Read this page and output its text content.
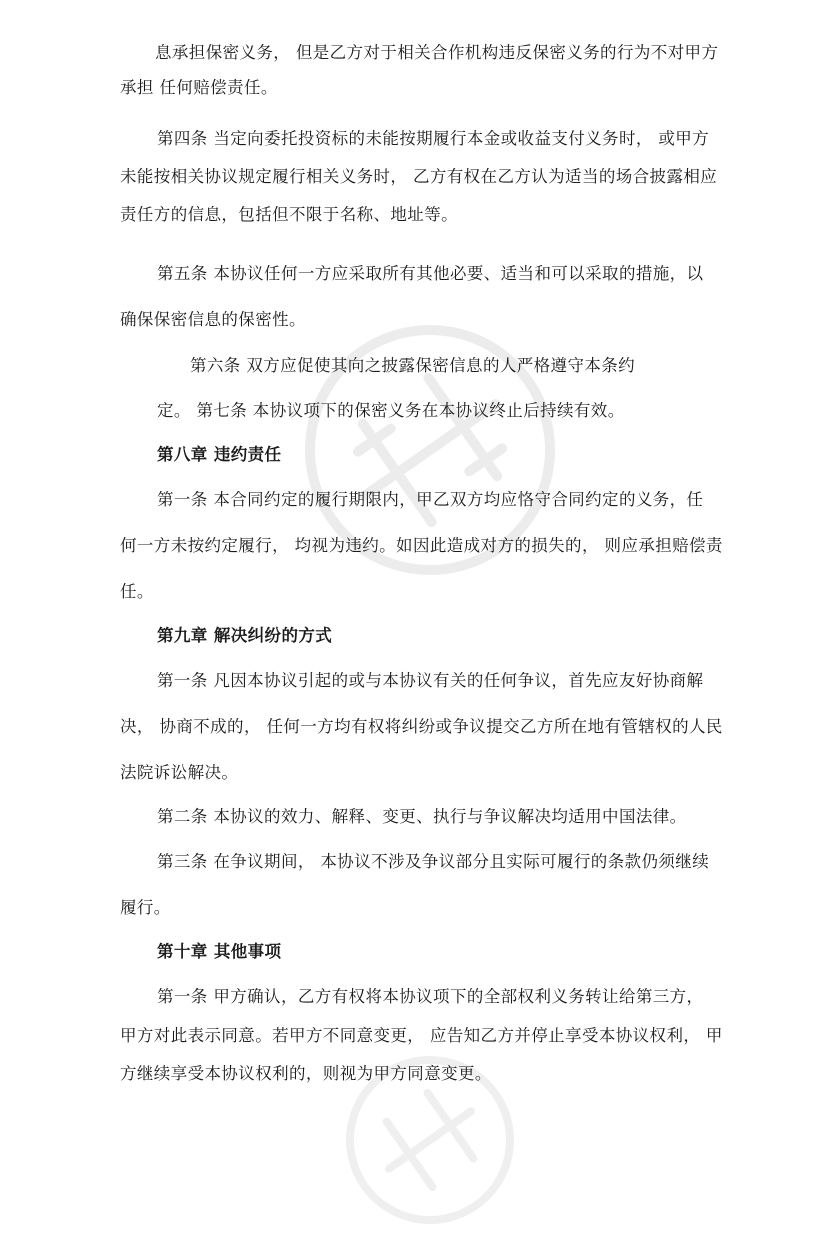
息承担保密义务， 但是乙方对于相关合作机构违反保密义务的行为不对甲方
承担 任何赔偿责任。
第四条 当定向委托投资标的未能按期履行本金或收益支付义务时， 或甲方
未能按相关协议规定履行相关义务时， 乙方有权在乙方认为适当的场合披露相应
责任方的信息，包括但不限于名称、地址等。
第五条 本协议任何一方应采取所有其他必要、适当和可以采取的措施，以
确保保密信息的保密性。
第六条 双方应促使其向之披露保密信息的人严格遵守本条约
定。 第七条 本协议项下的保密义务在本协议终止后持续有效。
第八章 违约责任
第一条 本合同约定的履行期限内，甲乙双方均应恪守合同约定的义务，任
何一方未按约定履行， 均视为违约。如因此造成对方的损失的， 则应承担赔偿责
任。
第九章 解决纠纷的方式
第一条 凡因本协议引起的或与本协议有关的任何争议，首先应友好协商解
决， 协商不成的， 任何一方均有权将纠纷或争议提交乙方所在地有管辖权的人民
法院诉讼解决。
第二条 本协议的效力、解释、变更、执行与争议解决均适用中国法律。
第三条 在争议期间， 本协议不涉及争议部分且实际可履行的条款仍须继续
履行。
第十章 其他事项
第一条 甲方确认，乙方有权将本协议项下的全部权利义务转让给第三方，
甲方对此表示同意。若甲方不同意变更， 应告知乙方并停止享受本协议权利， 甲
方继续享受本协议权利的，则视为甲方同意变更。
